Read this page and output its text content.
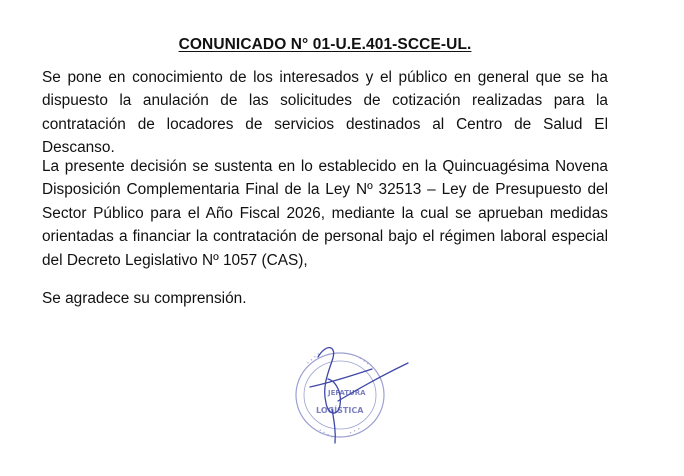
CONUNICADO N° 01-U.E.401-SCCE-UL.

Se pone en conocimiento de los interesados y el público en general que se ha dispuesto la anulación de las solicitudes de cotización realizadas para la contratación de locadores de servicios destinados al Centro de Salud El Descanso.

La presente decisión se sustenta en lo establecido en la Quincuagésima Novena Disposición Complementaria Final de la Ley Nº 32513 – Ley de Presupuesto del Sector Público para el Año Fiscal 2026, mediante la cual se aprueban medidas orientadas a financiar la contratación de personal bajo el régimen laboral especial del Decreto Legislativo Nº 1057 (CAS),

Se agradece su comprensión.

• • • •	• • •
• • • •	• • •
JEFATURA
LOGÍSTICA
